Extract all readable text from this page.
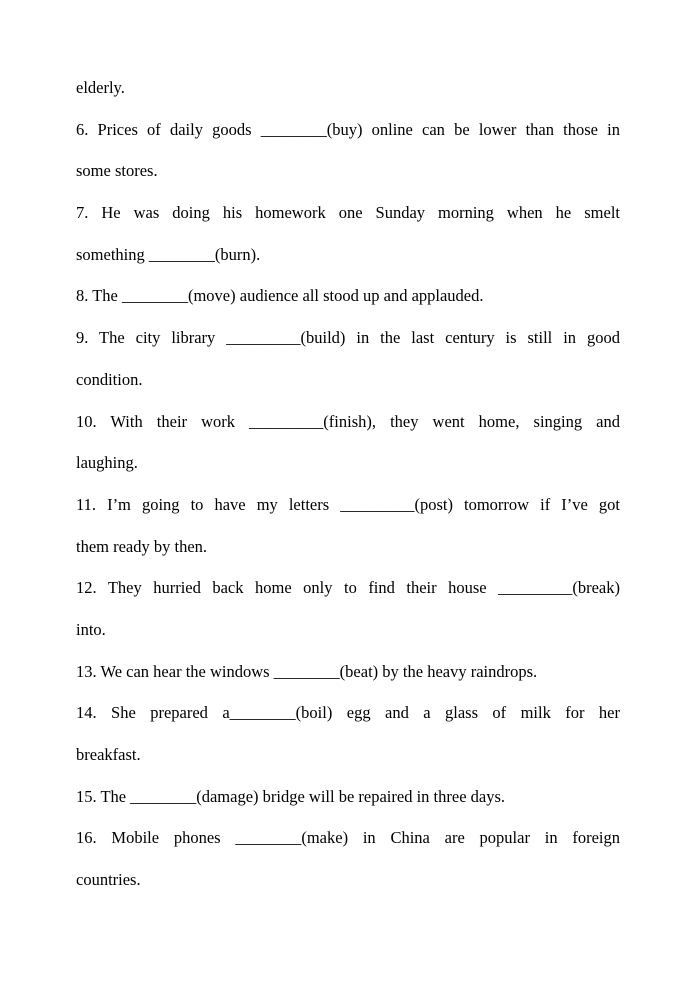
elderly.
6. Prices of daily goods ________(buy) online can be lower than those in
some stores.
7. He was doing his homework one Sunday morning when he smelt
something ________(burn).
8. The ________(move) audience all stood up and applauded.
9. The city library _________(build) in the last century is still in good
condition.
10. With their work _________(finish), they went home, singing and
laughing.
11. I’m going to have my letters _________(post) tomorrow if I’ve got
them ready by then.
12. They hurried back home only to find their house _________(break)
into.
13. We can hear the windows ________(beat) by the heavy raindrops.
14. She prepared a________(boil) egg and a glass of milk for her
breakfast.
15. The ________(damage) bridge will be repaired in three days.
16. Mobile phones ________(make) in China are popular in foreign
countries.
